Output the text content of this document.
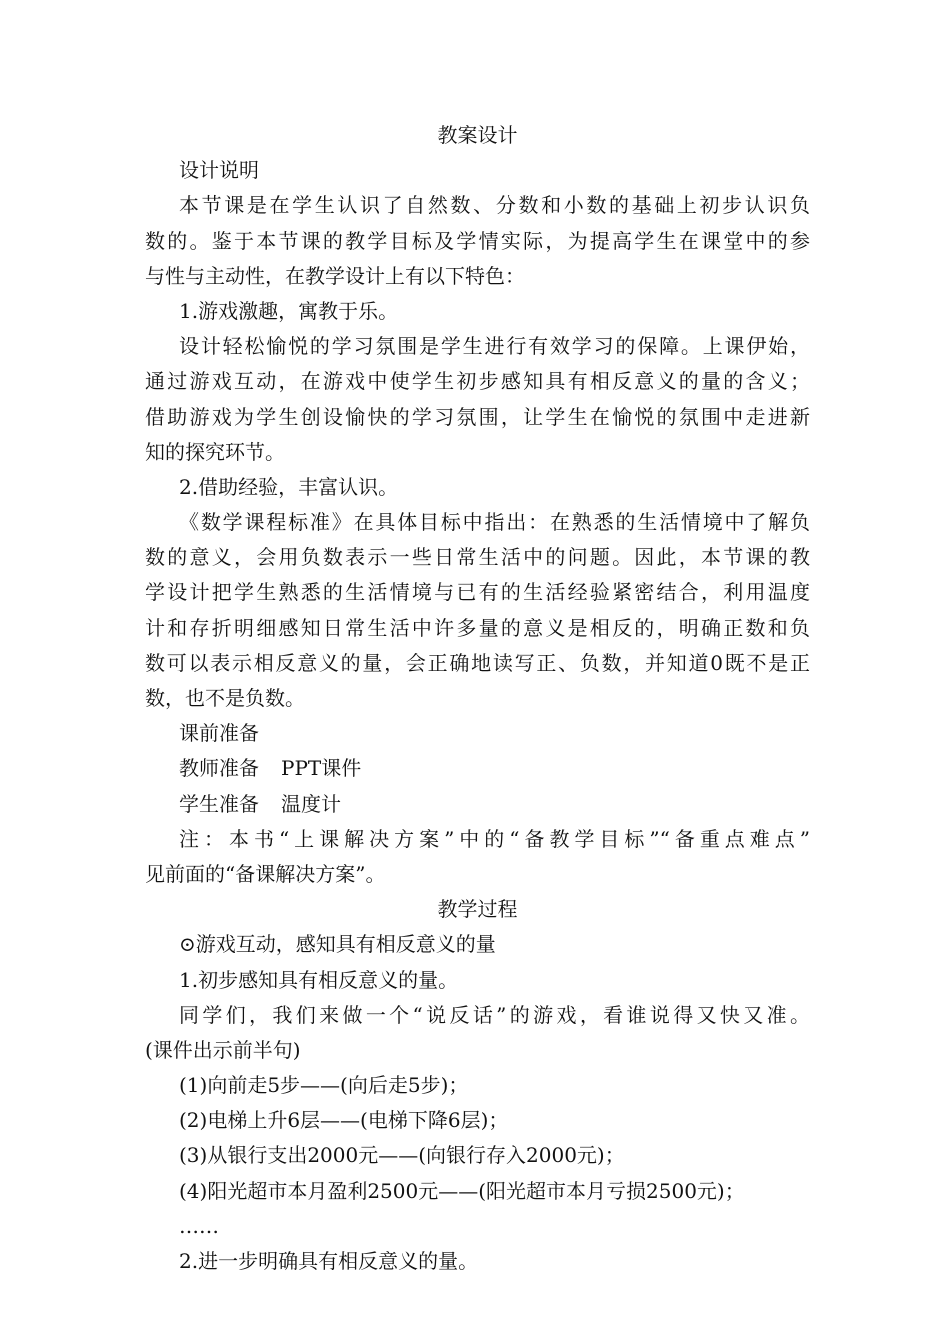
教案设计
设计说明
本节课是在学生认识了自然数、分数和小数的基础上初步认识负
数的。鉴于本节课的教学目标及学情实际，为提高学生在课堂中的参
与性与主动性，在教学设计上有以下特色：
1.游戏激趣，寓教于乐。
设计轻松愉悦的学习氛围是学生进行有效学习的保障。上课伊始，
通过游戏互动，在游戏中使学生初步感知具有相反意义的量的含义；
借助游戏为学生创设愉快的学习氛围，让学生在愉悦的氛围中走进新
知的探究环节。
2.借助经验，丰富认识。
《数学课程标准》在具体目标中指出：在熟悉的生活情境中了解负
数的意义，会用负数表示一些日常生活中的问题。因此，本节课的教
学设计把学生熟悉的生活情境与已有的生活经验紧密结合，利用温度
计和存折明细感知日常生活中许多量的意义是相反的，明确正数和负
数可以表示相反意义的量，会正确地读写正、负数，并知道0既不是正
数，也不是负数。
课前准备
教师准备 PPT课件
学生准备 温度计
注：本书“上课解决方案”中的“备教学目标”“备重点难点”
见前面的“备课解决方案”。
教学过程
⊙游戏互动，感知具有相反意义的量
1.初步感知具有相反意义的量。
同学们，我们来做一个“说反话”的游戏，看谁说得又快又准。
(课件出示前半句)
(1)向前走5步——(向后走5步)；
(2)电梯上升6层——(电梯下降6层)；
(3)从银行支出2000元——(向银行存入2000元)；
(4)阳光超市本月盈利2500元——(阳光超市本月亏损2500元)；
……
2.进一步明确具有相反意义的量。
